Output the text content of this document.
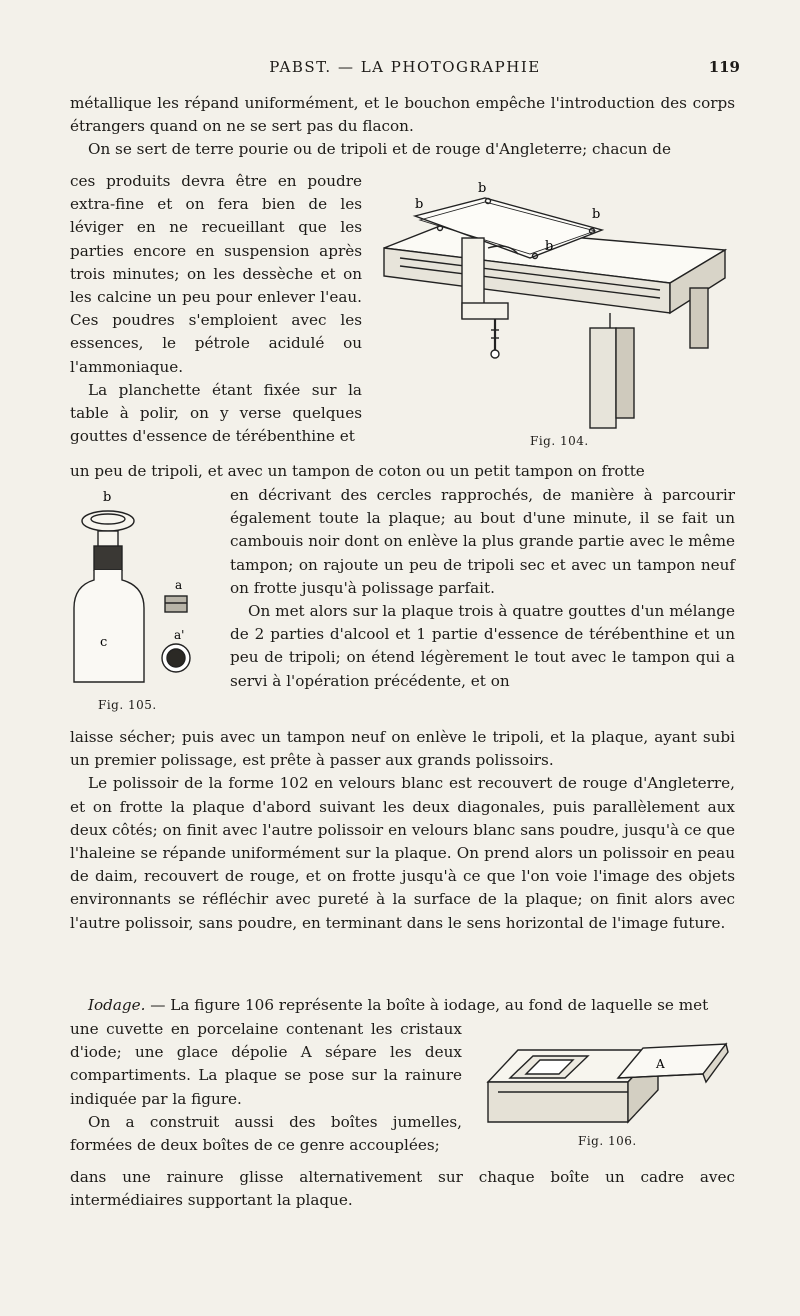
PABST. — LA PHOTOGRAPHIE	119

métallique les répand uniformément, et le bouchon empêche l'introduction des corps étrangers quand on ne se sert pas du flacon.

On se sert de terre pourie ou de tripoli et de rouge d'Angleterre; chacun de

ces produits devra être en poudre extra-fine et on fera bien de les léviger en ne recueillant que les parties encore en suspension après trois minutes; on les dessèche et on les calcine un peu pour enlever l'eau. Ces poudres s'emploient avec les essences, le pétrole acidulé ou l'ammoniaque.

La planchette étant fixée sur la table à polir, on y verse quelques gouttes d'essence de térébenthine et

b
b
b
b
Fig. 104.

un peu de tripoli, et avec un tampon de coton ou un petit tampon on frotte

b
a
c	a'
Fig. 105.

en décrivant des cercles rapprochés, de manière à parcourir également toute la plaque; au bout d'une minute, il se fait un cambouis noir dont on enlève la plus grande partie avec le même tampon; on rajoute un peu de tripoli sec et avec un tampon neuf on frotte jusqu'à polissage parfait.

On met alors sur la plaque trois à quatre gouttes d'un mélange de 2 parties d'alcool et 1 partie d'essence de térébenthine et un peu de tripoli; on étend légèrement le tout avec le tampon qui a servi à l'opération précédente, et on

laisse sécher; puis avec un tampon neuf on enlève le tripoli, et la plaque, ayant subi un premier polissage, est prête à passer aux grands polissoirs.

Le polissoir de la forme 102 en velours blanc est recouvert de rouge d'Angleterre, et on frotte la plaque d'abord suivant les deux diagonales, puis parallèlement aux deux côtés; on finit avec l'autre polissoir en velours blanc sans poudre, jusqu'à ce que l'haleine se répande uniformément sur la plaque. On prend alors un polissoir en peau de daim, recouvert de rouge, et on frotte jusqu'à ce que l'on voie l'image des objets environnants se réfléchir avec pureté à la surface de la plaque; on finit alors avec l'autre polissoir, sans poudre, en terminant dans le sens horizontal de l'image future.

Iodage. — La figure 106 représente la boîte à iodage, au fond de laquelle se met

une cuvette en porcelaine contenant les cristaux d'iode; une glace dépolie A sépare les deux compartiments. La plaque se pose sur la rainure indiquée par la figure.

On a construit aussi des boîtes jumelles, formées de deux boîtes de ce genre accouplées;

A
Fig. 106.

dans une rainure glisse alternativement sur chaque boîte un cadre avec intermédiaires supportant la plaque.
